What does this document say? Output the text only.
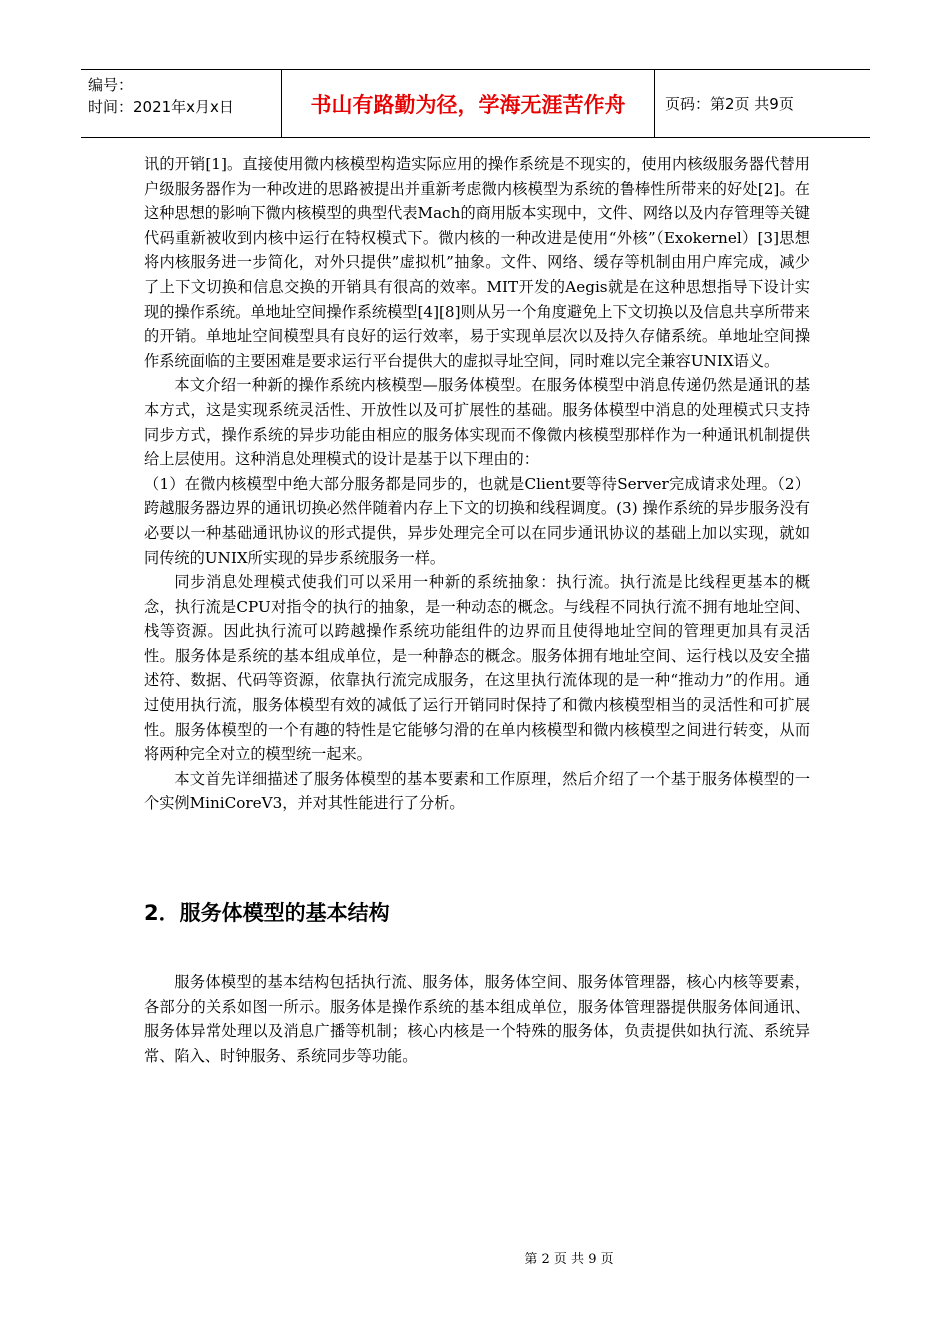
编号：
时间：2021年x月x日	书山有路勤为径，学海无涯苦作舟	页码：第2页 共9页

讯的开销[1]。直接使用微内核模型构造实际应用的操作系统是不现实的，使用内核级服务器代替用户级服务器作为一种改进的思路被提出并重新考虑微内核模型为系统的鲁棒性所带来的好处[2]。在这种思想的影响下微内核模型的典型代表Mach的商用版本实现中，文件、网络以及内存管理等关键代码重新被收到内核中运行在特权模式下。微内核的一种改进是使用“外核”（Exokernel）[3]思想将内核服务进一步简化，对外只提供”虚拟机”抽象。文件、网络、缓存等机制由用户库完成，减少了上下文切换和信息交换的开销具有很高的效率。MIT开发的Aegis就是在这种思想指导下设计实现的操作系统。单地址空间操作系统模型[4][8]则从另一个角度避免上下文切换以及信息共享所带来的开销。单地址空间模型具有良好的运行效率，易于实现单层次以及持久存储系统。单地址空间操作系统面临的主要困难是要求运行平台提供大的虚拟寻址空间，同时难以完全兼容UNIX语义。

本文介绍一种新的操作系统内核模型—服务体模型。在服务体模型中消息传递仍然是通讯的基本方式，这是实现系统灵活性、开放性以及可扩展性的基础。服务体模型中消息的处理模式只支持同步方式，操作系统的异步功能由相应的服务体实现而不像微内核模型那样作为一种通讯机制提供给上层使用。这种消息处理模式的设计是基于以下理由的：

（1）在微内核模型中绝大部分服务都是同步的，也就是Client要等待Server完成请求处理。（2）跨越服务器边界的通讯切换必然伴随着内存上下文的切换和线程调度。(3) 操作系统的异步服务没有必要以一种基础通讯协议的形式提供，异步处理完全可以在同步通讯协议的基础上加以实现，就如同传统的UNIX所实现的异步系统服务一样。

同步消息处理模式使我们可以采用一种新的系统抽象：执行流。执行流是比线程更基本的概念，执行流是CPU对指令的执行的抽象，是一种动态的概念。与线程不同执行流不拥有地址空间、栈等资源。因此执行流可以跨越操作系统功能组件的边界而且使得地址空间的管理更加具有灵活性。服务体是系统的基本组成单位，是一种静态的概念。服务体拥有地址空间、运行栈以及安全描述符、数据、代码等资源，依靠执行流完成服务，在这里执行流体现的是一种“推动力”的作用。通过使用执行流，服务体模型有效的减低了运行开销同时保持了和微内核模型相当的灵活性和可扩展性。服务体模型的一个有趣的特性是它能够匀滑的在单内核模型和微内核模型之间进行转变，从而将两种完全对立的模型统一起来。

本文首先详细描述了服务体模型的基本要素和工作原理，然后介绍了一个基于服务体模型的一个实例MiniCoreV3，并对其性能进行了分析。

2．服务体模型的基本结构

服务体模型的基本结构包括执行流、服务体，服务体空间、服务体管理器，核心内核等要素，各部分的关系如图一所示。服务体是操作系统的基本组成单位，服务体管理器提供服务体间通讯、服务体异常处理以及消息广播等机制；核心内核是一个特殊的服务体，负责提供如执行流、系统异常、陷入、时钟服务、系统同步等功能。

第 2 页 共 9 页
